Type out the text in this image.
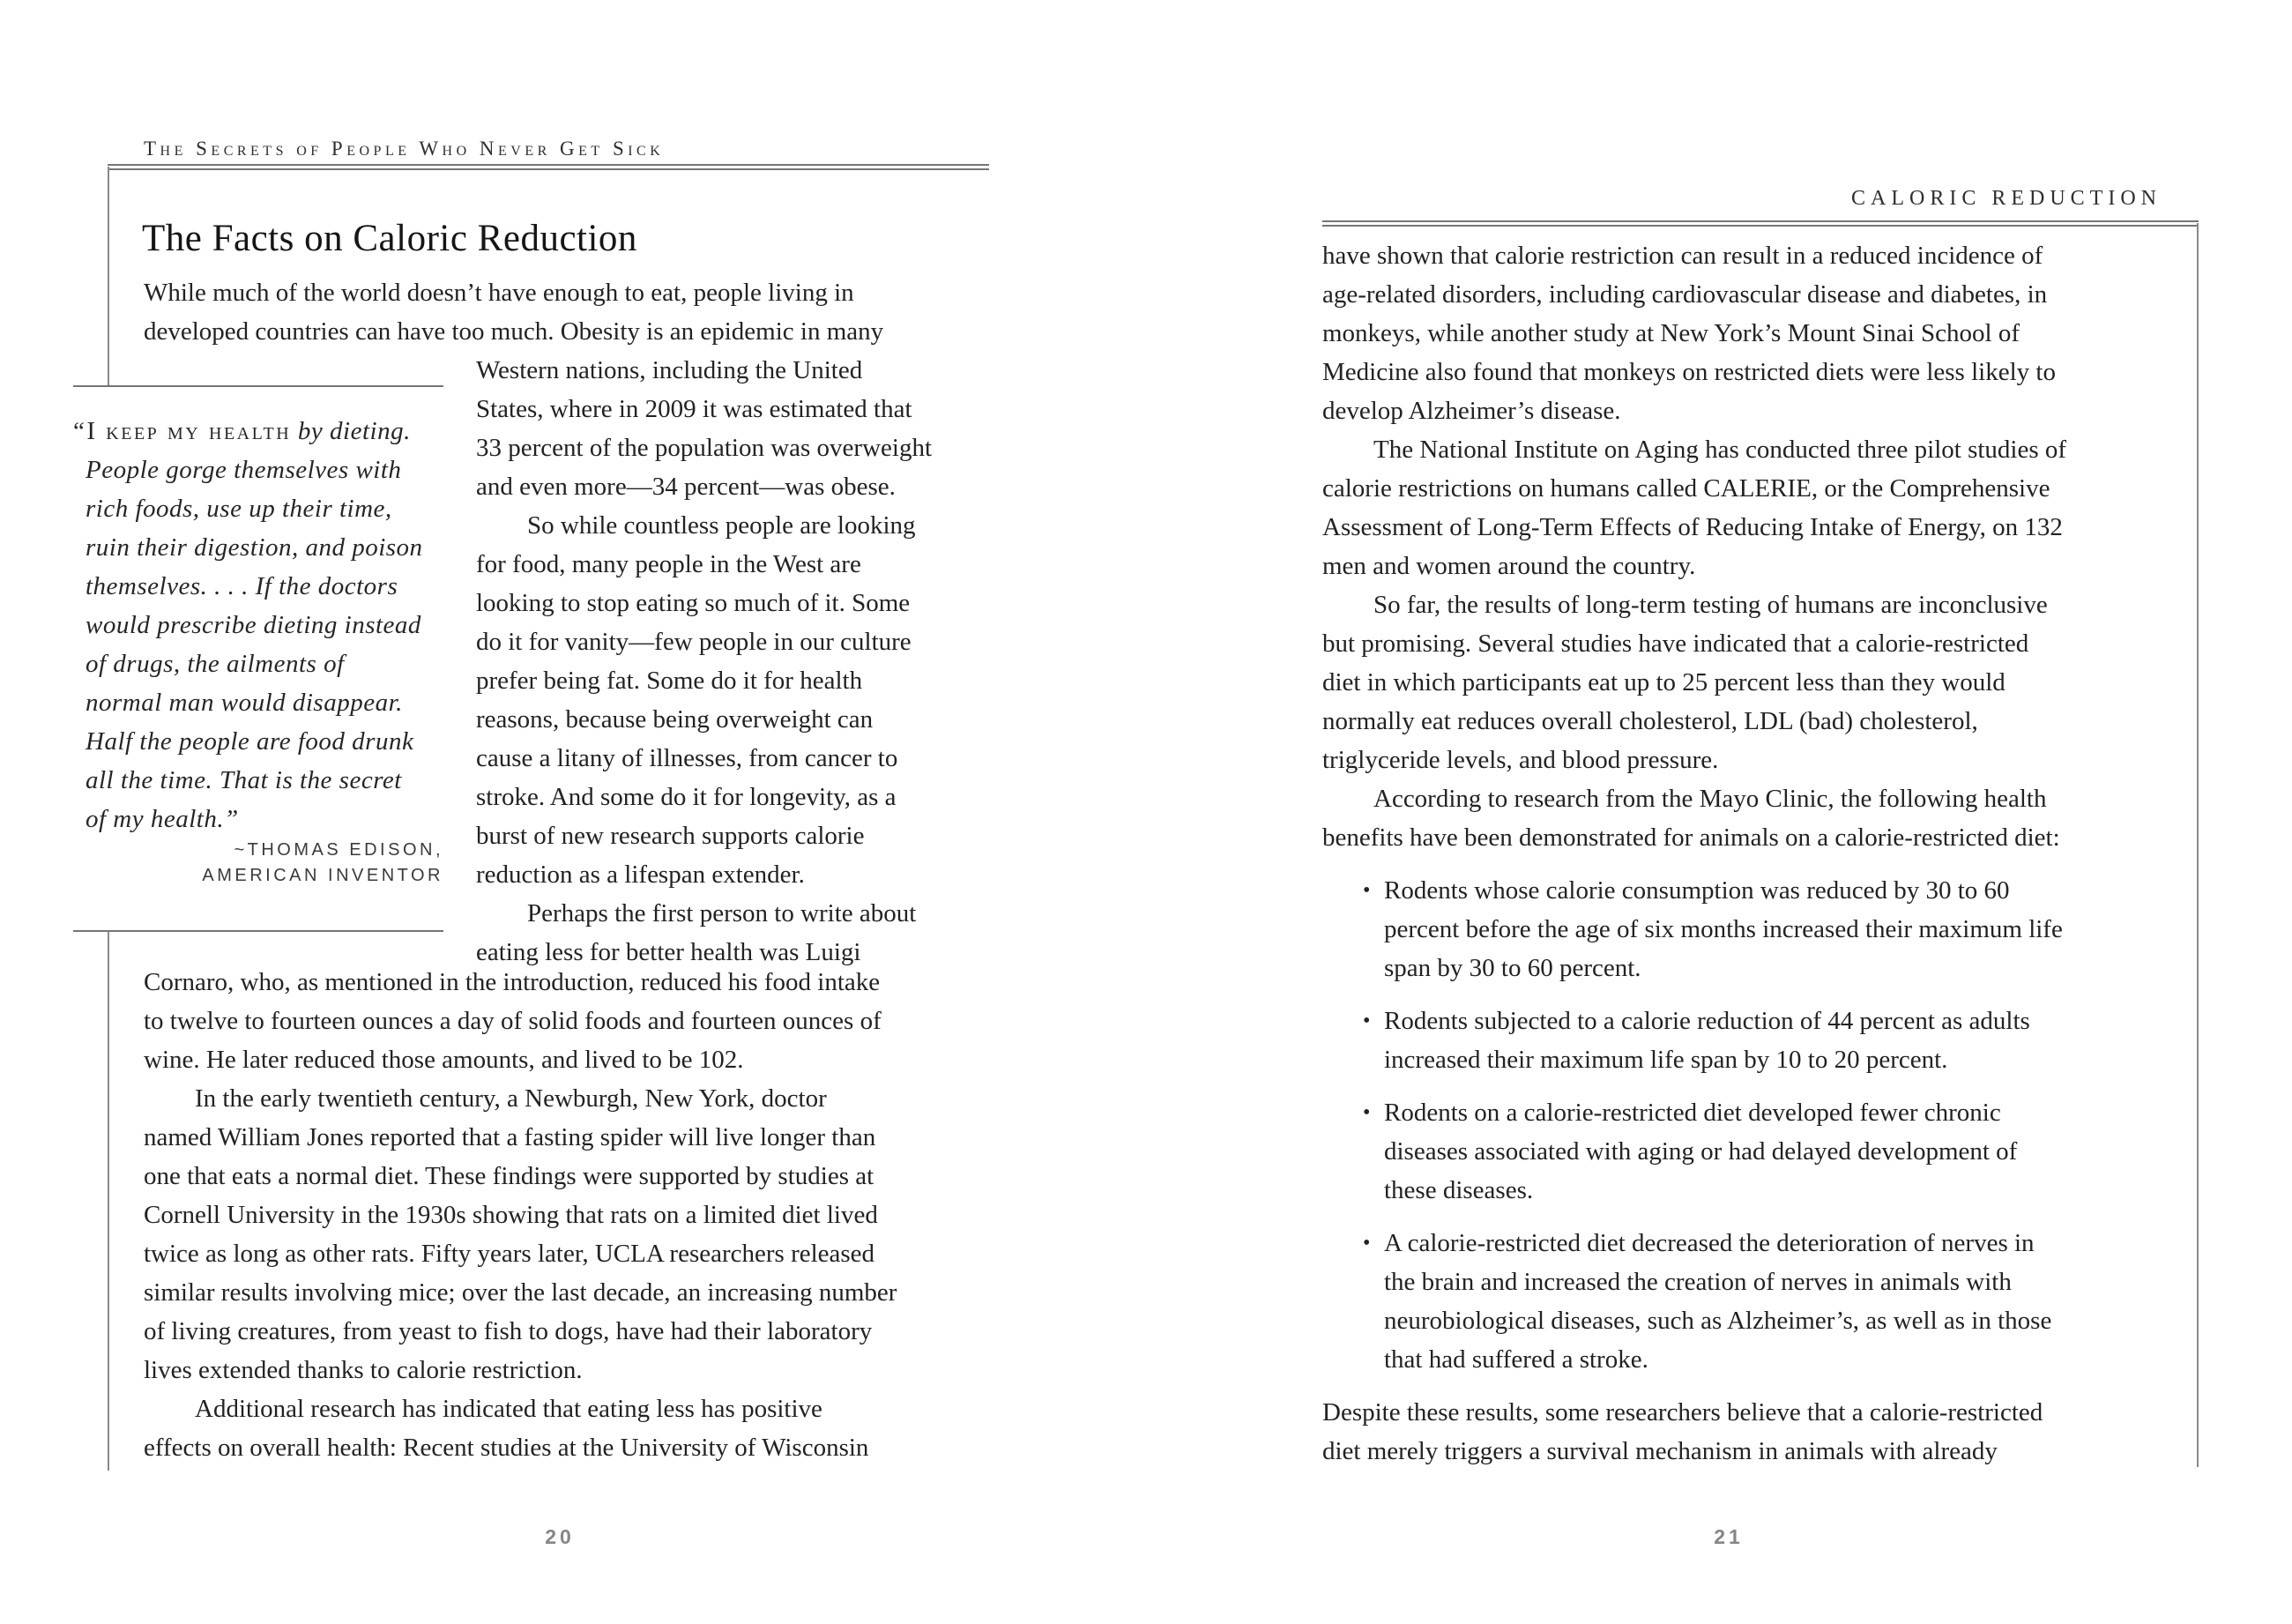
The Secrets of People Who Never Get Sick
The Facts on Caloric Reduction
While much of the world doesn’t have enough to eat, people living in
developed countries can have too much. Obesity is an epidemic in many
Western nations, including the United
States, where in 2009 it was estimated that
33 percent of the population was overweight
and even more—34 percent—was obese.
So while countless people are looking
for food, many people in the West are
looking to stop eating so much of it. Some
do it for vanity—few people in our culture
prefer being fat. Some do it for health
reasons, because being overweight can
cause a litany of illnesses, from cancer to
stroke. And some do it for longevity, as a
burst of new research supports calorie
reduction as a lifespan extender.
Perhaps the first person to write about
eating less for better health was Luigi
Cornaro, who, as mentioned in the introduction, reduced his food intake
to twelve to fourteen ounces a day of solid foods and fourteen ounces of
wine. He later reduced those amounts, and lived to be 102.
In the early twentieth century, a Newburgh, New York, doctor
named William Jones reported that a fasting spider will live longer than
one that eats a normal diet. These findings were supported by studies at
Cornell University in the 1930s showing that rats on a limited diet lived
twice as long as other rats. Fifty years later, UCLA researchers released
similar results involving mice; over the last decade, an increasing number
of living creatures, from yeast to fish to dogs, have had their laboratory
lives extended thanks to calorie restriction.
Additional research has indicated that eating less has positive
effects on overall health: Recent studies at the University of Wisconsin
“I keep my health by dieting.
People gorge themselves with
rich foods, use up their time,
ruin their digestion, and poison
themselves. . . . If the doctors
would prescribe dieting instead
of drugs, the ailments of
normal man would disappear.
Half the people are food drunk
all the time. That is the secret
of my health.”
~THOMAS EDISON,
AMERICAN INVENTOR
20
CALORIC REDUCTION
have shown that calorie restriction can result in a reduced incidence of
age-related disorders, including cardiovascular disease and diabetes, in
monkeys, while another study at New York’s Mount Sinai School of
Medicine also found that monkeys on restricted diets were less likely to
develop Alzheimer’s disease.
The National Institute on Aging has conducted three pilot studies of
calorie restrictions on humans called CALERIE, or the Comprehensive
Assessment of Long-Term Effects of Reducing Intake of Energy, on 132
men and women around the country.
So far, the results of long-term testing of humans are inconclusive
but promising. Several studies have indicated that a calorie-restricted
diet in which participants eat up to 25 percent less than they would
normally eat reduces overall cholesterol, LDL (bad) cholesterol,
triglyceride levels, and blood pressure.
According to research from the Mayo Clinic, the following health
benefits have been demonstrated for animals on a calorie-restricted diet:
• Rodents whose calorie consumption was reduced by 30 to 60
percent before the age of six months increased their maximum life
span by 30 to 60 percent.
• Rodents subjected to a calorie reduction of 44 percent as adults
increased their maximum life span by 10 to 20 percent.
• Rodents on a calorie-restricted diet developed fewer chronic
diseases associated with aging or had delayed development of
these diseases.
• A calorie-restricted diet decreased the deterioration of nerves in
the brain and increased the creation of nerves in animals with
neurobiological diseases, such as Alzheimer’s, as well as in those
that had suffered a stroke.
Despite these results, some researchers believe that a calorie-restricted
diet merely triggers a survival mechanism in animals with already
21
